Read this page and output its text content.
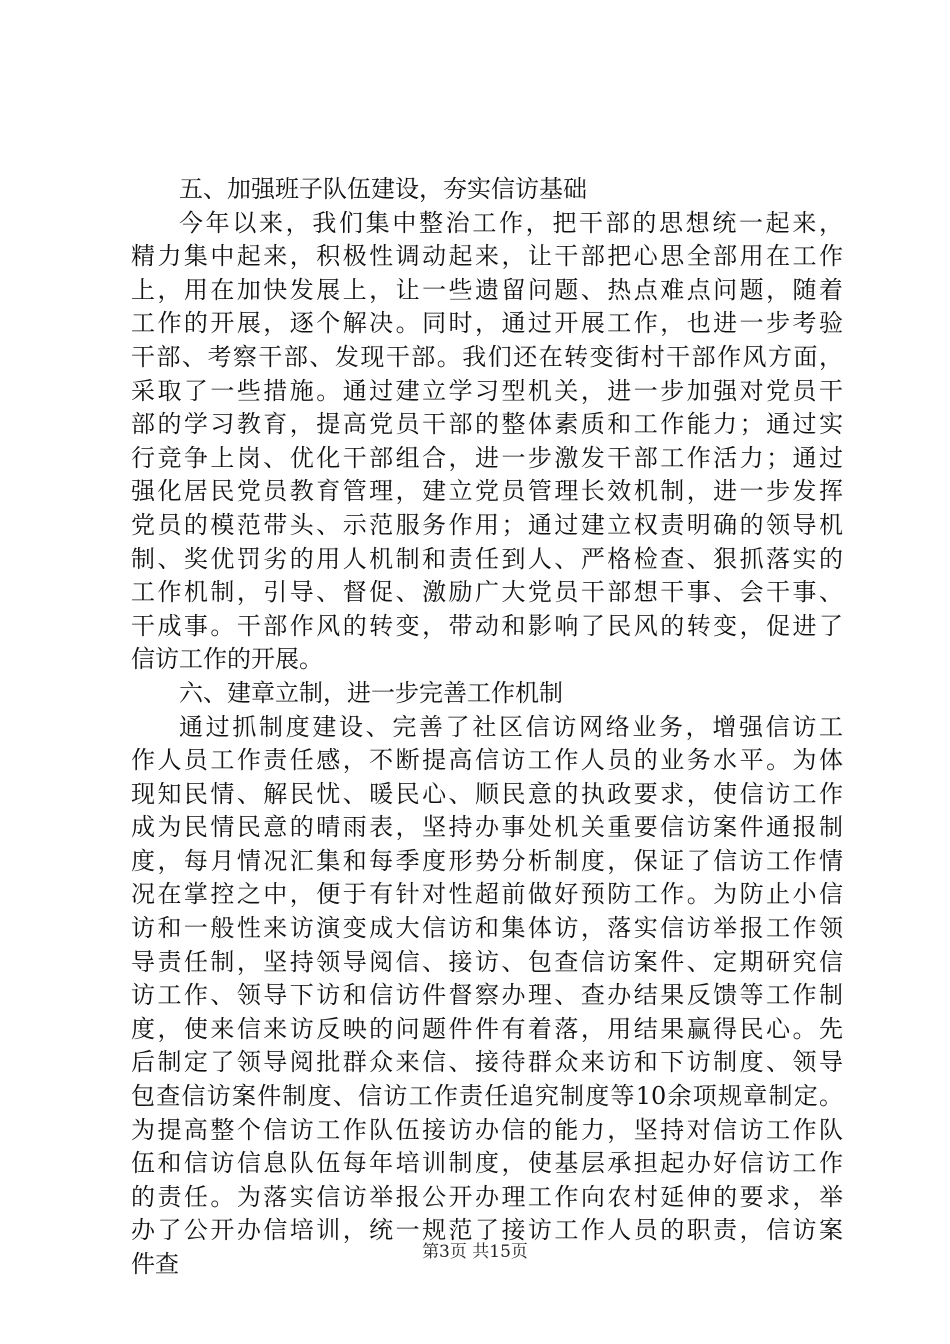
五、加强班子队伍建设，夯实信访基础
今年以来，我们集中整治工作，把干部的思想统一起来，
精力集中起来，积极性调动起来，让干部把心思全部用在工作
上，用在加快发展上，让一些遗留问题、热点难点问题，随着
工作的开展，逐个解决。同时，通过开展工作，也进一步考验
干部、考察干部、发现干部。我们还在转变街村干部作风方面，
采取了一些措施。通过建立学习型机关，进一步加强对党员干
部的学习教育，提高党员干部的整体素质和工作能力；通过实
行竞争上岗、优化干部组合，进一步激发干部工作活力；通过
强化居民党员教育管理，建立党员管理长效机制，进一步发挥
党员的模范带头、示范服务作用；通过建立权责明确的领导机
制、奖优罚劣的用人机制和责任到人、严格检查、狠抓落实的
工作机制，引导、督促、激励广大党员干部想干事、会干事、
干成事。干部作风的转变，带动和影响了民风的转变，促进了
信访工作的开展。
六、建章立制，进一步完善工作机制
通过抓制度建设、完善了社区信访网络业务，增强信访工
作人员工作责任感，不断提高信访工作人员的业务水平。为体
现知民情、解民忧、暖民心、顺民意的执政要求，使信访工作
成为民情民意的晴雨表，坚持办事处机关重要信访案件通报制
度，每月情况汇集和每季度形势分析制度，保证了信访工作情
况在掌控之中，便于有针对性超前做好预防工作。为防止小信
访和一般性来访演变成大信访和集体访，落实信访举报工作领
导责任制，坚持领导阅信、接访、包查信访案件、定期研究信
访工作、领导下访和信访件督察办理、查办结果反馈等工作制
度，使来信来访反映的问题件件有着落，用结果赢得民心。先
后制定了领导阅批群众来信、接待群众来访和下访制度、领导
包查信访案件制度、信访工作责任追究制度等10余项规章制定。
为提高整个信访工作队伍接访办信的能力，坚持对信访工作队
伍和信访信息队伍每年培训制度，使基层承担起办好信访工作
的责任。为落实信访举报公开办理工作向农村延伸的要求，举
办了公开办信培训，统一规范了接访工作人员的职责，信访案
件查	第3页 共15页
